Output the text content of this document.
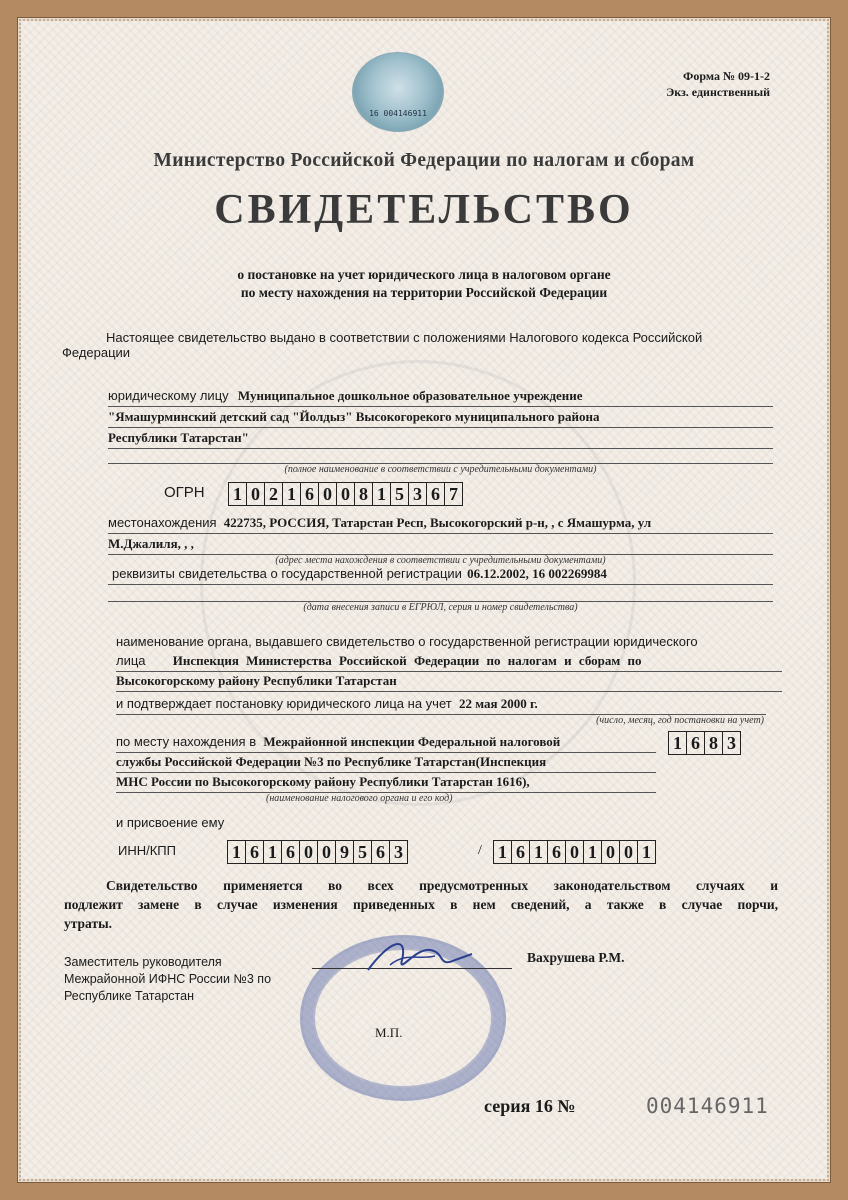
16 004146911
Форма № 09-1-2
Экз. единственный
Министерство Российской Федерации по налогам и сборам
СВИДЕТЕЛЬСТВО
о постановке на учет юридического лица в налоговом органе
по месту нахождения на территории Российской Федерации
Настоящее свидетельство выдано в соответствии с положениями Налогового кодекса Российской
Федерации
юридическому лицу Муниципальное дошкольное образовательное учреждение
"Ямашурминский детский сад "Йолдыз" Высокогорекого муниципального района
Республики Татарстан"
(полное наименование в соответствии с учредительными документами)
ОГРН 1 0 2 1 6 0 0 8 1 5 3 6 7
местонахождения 422735, РОССИЯ, Татарстан Респ, Высокогорский р-н, , с Ямашурма, ул
М.Джалиля, , ,
(адрес места нахождения в соответствии с учредительными документами)
реквизиты свидетельства о государственной регистрации 06.12.2002, 16 002269984
(дата внесения записи в ЕГРЮЛ, серия и номер свидетельства)
наименование органа, выдавшего свидетельство о государственной регистрации юридического
лица Инспекция Министерства Российской Федерации по налогам и сборам по
Высокогорскому району Республики Татарстан
и подтверждает постановку юридического лица на учет 22 мая 2000 г.
(число, месяц, год постановки на учет)
по месту нахождения в Межрайонной инспекции Федеральной налоговой
службы Российской Федерации №3 по Республике Татарстан(Инспекция
МНС России по Высокогорскому району Республики Татарстан 1616),
(наименование налогового органа и его код)
1 6 8 3
и присвоение ему
ИНН/КПП	1 6 1 6 0 0 9 5 6 3	/ 1 6 1 6 0 1 0 0 1
Свидетельство применяется во всех предусмотренных законодательством случаях и
подлежит замене в случае изменения приведенных в нем сведений, а также в случае порчи,
утраты.
Заместитель руководителя
Межрайонной ИФНС России №3 по
Республике Татарстан
Вахрушева Р.М.
М.П.
серия 16 №	004146911
